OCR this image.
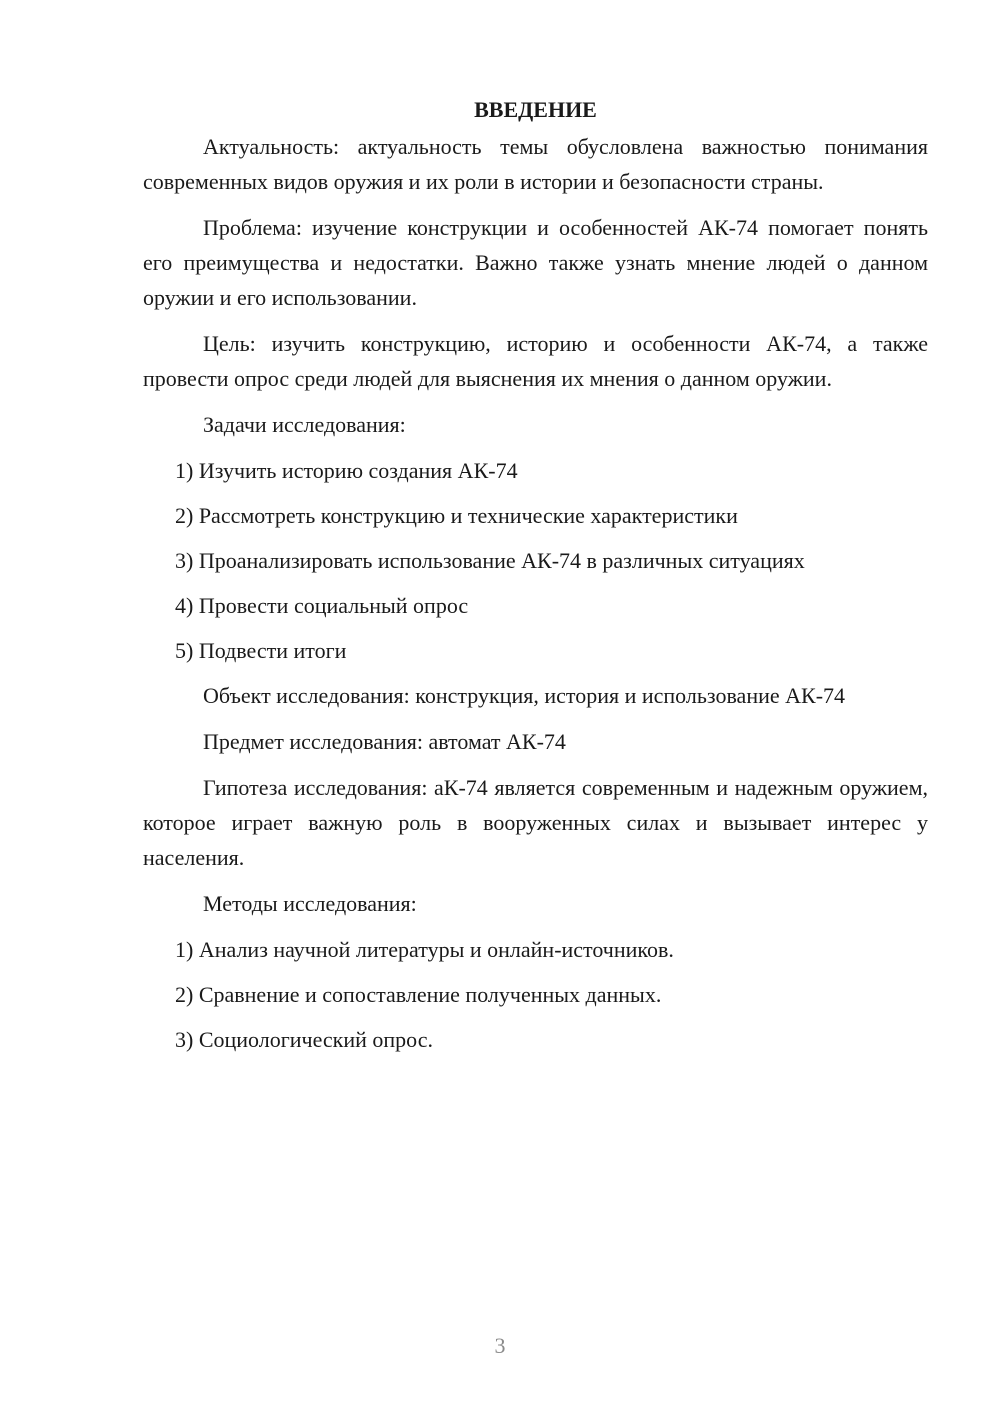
ВВЕДЕНИЕ

Актуальность: актуальность темы обусловлена важностью понимания современных видов оружия и их роли в истории и безопасности страны.

Проблема: изучение конструкции и особенностей АК-74 помогает понять его преимущества и недостатки. Важно также узнать мнение людей о данном оружии и его использовании.

Цель: изучить конструкцию, историю и особенности АК-74, а также провести опрос среди людей для выяснения их мнения о данном оружии.

Задачи исследования:

1) Изучить историю создания АК-74
2) Рассмотреть конструкцию и технические характеристики
3) Проанализировать использование АК-74 в различных ситуациях
4) Провести социальный опрос
5) Подвести итоги

Объект исследования: конструкция, история и использование АК-74

Предмет исследования: автомат АК-74

Гипотеза исследования: аК-74 является современным и надежным оружием, которое играет важную роль в вооруженных силах и вызывает интерес у населения.

Методы исследования:

1) Анализ научной литературы и онлайн-источников.
2) Сравнение и сопоставление полученных данных.
3) Социологический опрос.
3
